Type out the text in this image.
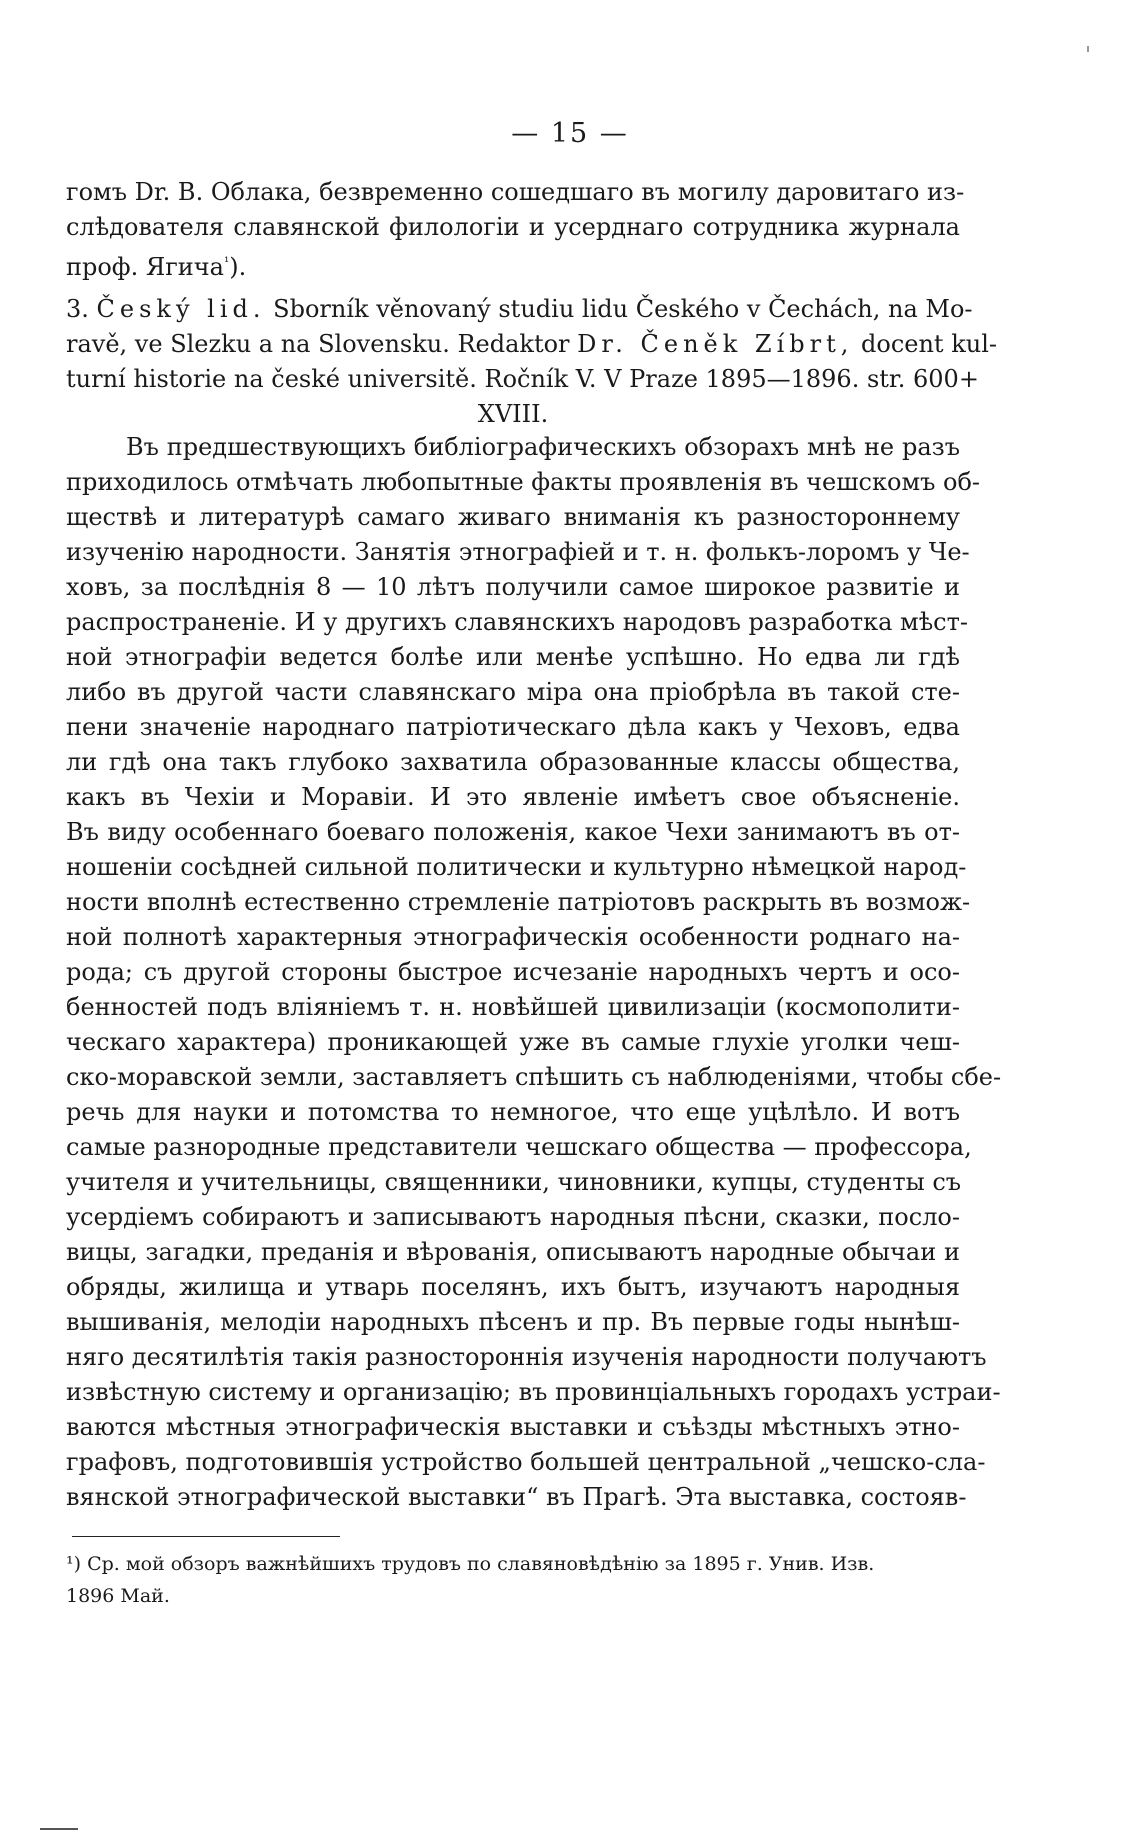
— 15 —
гомъ Dr. B. Облака, безвременно сошедшаго въ могилу даровитаго из-
слѣдователя славянской филологіи и усерднаго сотрудника журнала
проф. Ягича$^{^1}$).
3. Český lid. Sborník věnovaný studiu lidu Českého v Čechách, na Mo-
ravě, ve Slezku a na Slovensku. Redaktor Dr. Čeněk Zíbrt, docent kul-
turní historie na české universitě. Ročník V. V Praze 1895—1896. str. 600+
XVIII.
Въ предшествующихъ библіографическихъ обзорахъ мнѣ не разъ
приходилось отмѣчать любопытные факты проявленія въ чешскомъ об-
ществѣ и литературѣ самаго живаго вниманія къ разностороннему
изученію народности. Занятія этнографіей и т. н. фолькъ-лоромъ у Че-
ховъ, за послѣднія 8 — 10 лѣтъ получили самое широкое развитіе и
распространеніе. И у другихъ славянскихъ народовъ разработка мѣст-
ной этнографіи ведется болѣе или менѣе успѣшно. Но едва ли гдѣ
либо въ другой части славянскаго міра она пріобрѣла въ такой сте-
пени значеніе народнаго патріотическаго дѣла какъ у Чеховъ, едва
ли гдѣ она такъ глубоко захватила образованные классы общества,
какъ въ Чехіи и Моравіи. И это явленіе имѣетъ свое объясненіе.
Въ виду особеннаго боеваго положенія, какое Чехи занимаютъ въ от-
ношеніи сосѣдней сильной политически и культурно нѣмецкой народ-
ности вполнѣ естественно стремленіе патріотовъ раскрыть въ возмож-
ной полнотѣ характерныя этнографическія особенности роднаго на-
рода; съ другой стороны быстрое исчезаніе народныхъ чертъ и осо-
бенностей подъ вліяніемъ т. н. новѣйшей цивилизаціи (космополити-
ческаго характера) проникающей уже въ самые глухіе уголки чеш-
ско-моравской земли, заставляетъ спѣшить съ наблюденіями, чтобы сбе-
речь для науки и потомства то немногое, что еще уцѣлѣло. И вотъ
самые разнородные представители чешскаго общества — профессора,
учителя и учительницы, священники, чиновники, купцы, студенты съ
усердіемъ собираютъ и записываютъ народныя пѣсни, сказки, посло-
вицы, загадки, преданія и вѣрованія, описываютъ народные обычаи и
обряды, жилища и утварь поселянъ, ихъ бытъ, изучаютъ народныя
вышиванія, мелодіи народныхъ пѣсенъ и пр. Въ первые годы нынѣш-
няго десятилѣтія такія разностороннія изученія народности получаютъ
извѣстную систему и организацію; въ провинціальныхъ городахъ устраи-
ваются мѣстныя этнографическія выставки и съѣзды мѣстныхъ этно-
графовъ, подготовившія устройство большей центральной „чешско-сла-
вянской этнографической выставки“ въ Прагѣ. Эта выставка, состояв-
¹) Ср. мой обзоръ важнѣйшихъ трудовъ по славяновѣдѣнію за 1895 г. Унив. Изв.
1896 Май.
